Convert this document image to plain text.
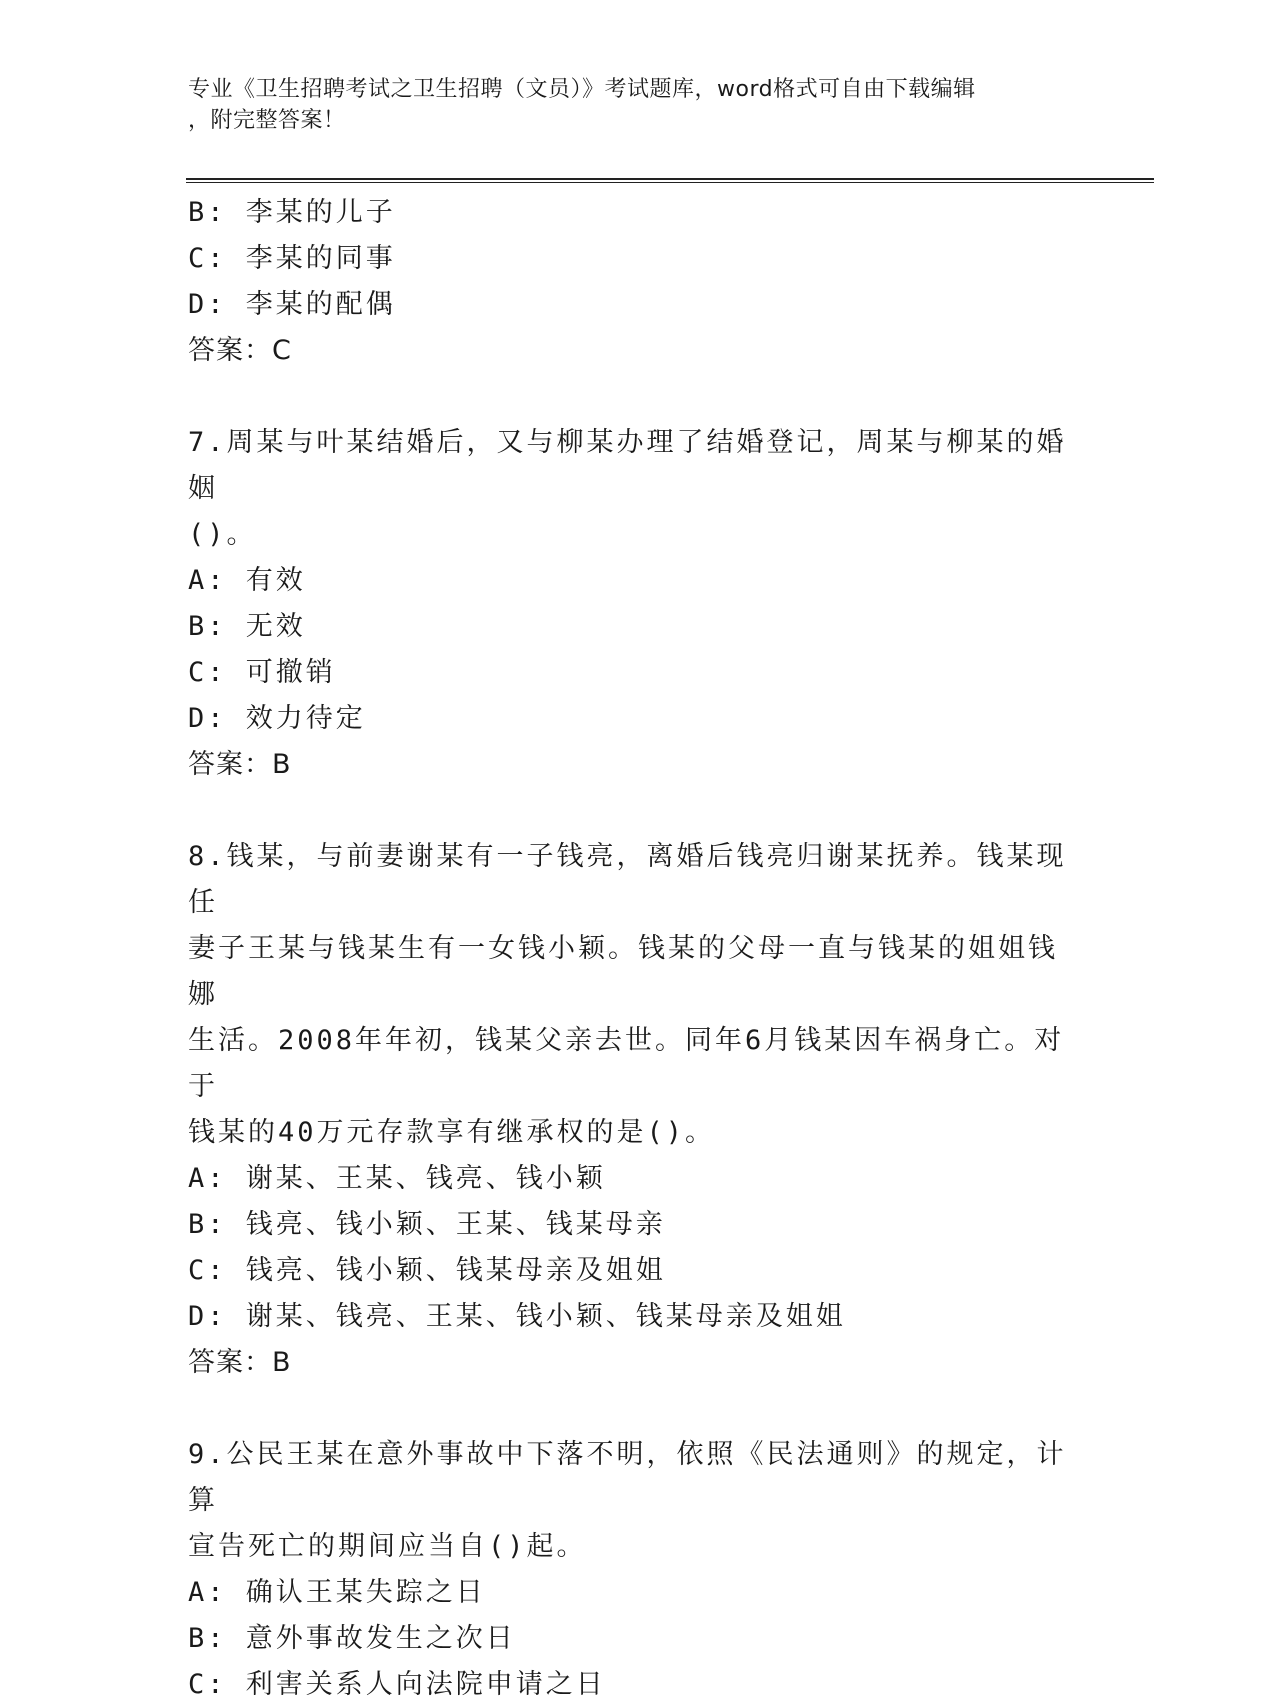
专业《卫生招聘考试之卫生招聘（文员）》考试题库，word格式可自由下载编辑
，附完整答案！
B: 李某的儿子
C: 李某的同事
D: 李某的配偶
答案：C
7.周某与叶某结婚后，又与柳某办理了结婚登记，周某与柳某的婚姻
()。
A: 有效
B: 无效
C: 可撤销
D: 效力待定
答案：B
8.钱某，与前妻谢某有一子钱亮，离婚后钱亮归谢某抚养。钱某现任
妻子王某与钱某生有一女钱小颖。钱某的父母一直与钱某的姐姐钱娜
生活。2008年年初，钱某父亲去世。同年6月钱某因车祸身亡。对于
钱某的40万元存款享有继承权的是()。
A: 谢某、王某、钱亮、钱小颖
B: 钱亮、钱小颖、王某、钱某母亲
C: 钱亮、钱小颖、钱某母亲及姐姐
D: 谢某、钱亮、王某、钱小颖、钱某母亲及姐姐
答案：B
9.公民王某在意外事故中下落不明，依照《民法通则》的规定，计算
宣告死亡的期间应当自()起。
A: 确认王某失踪之日
B: 意外事故发生之次日
C: 利害关系人向法院申请之日
